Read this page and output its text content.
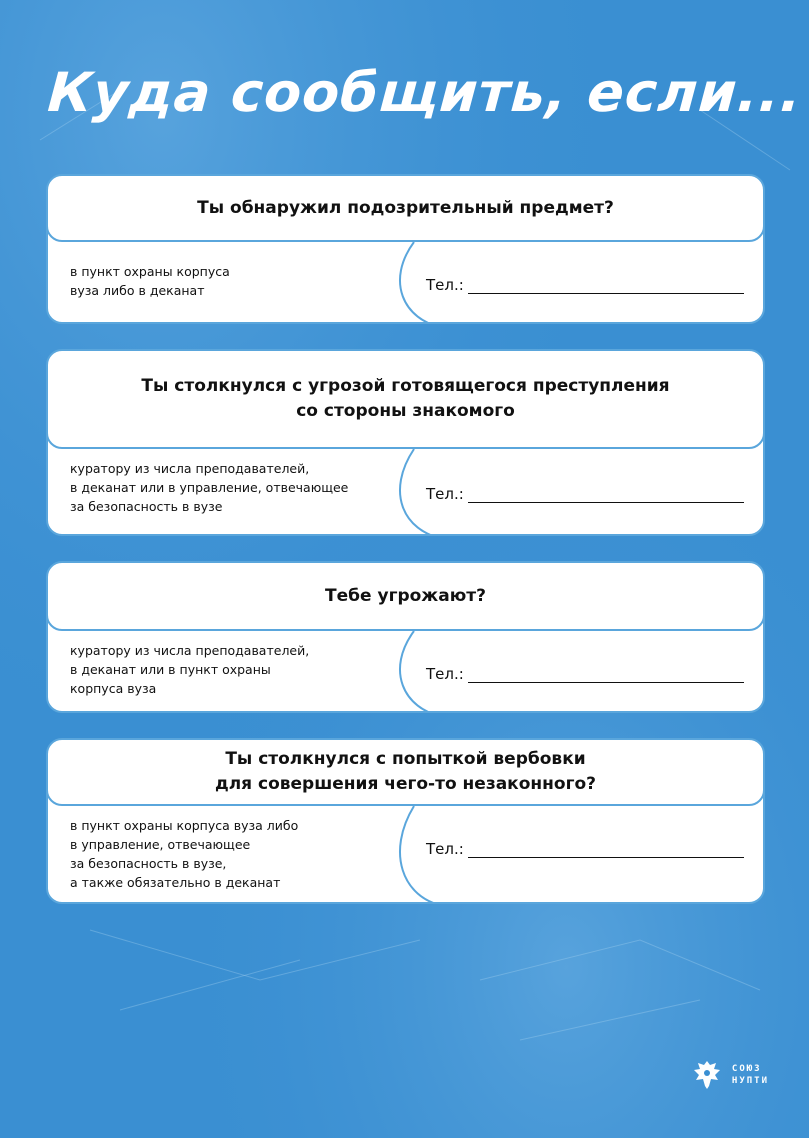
Куда сообщить, если...
Ты обнаружил подозрительный предмет?
в пункт охраны корпуса
вуза либо в деканат	Тел.:
Ты столкнулся с угрозой готовящегося преступления
со стороны знакомого
куратору из числа преподавателей,
в деканат или в управление, отвечающее
за безопасность в вузе
Тел.:
Тебе угрожают?
куратору из числа преподавателей,
в деканат или в пункт охраны
корпуса вуза
Тел.:
Ты столкнулся с попыткой вербовки
для совершения чего-то незаконного?
в пункт охраны корпуса вуза либо
в управление, отвечающее
за безопасность в вузе,
а также обязательно в деканат
Тел.:
СОЮЗ
НУПТИ
